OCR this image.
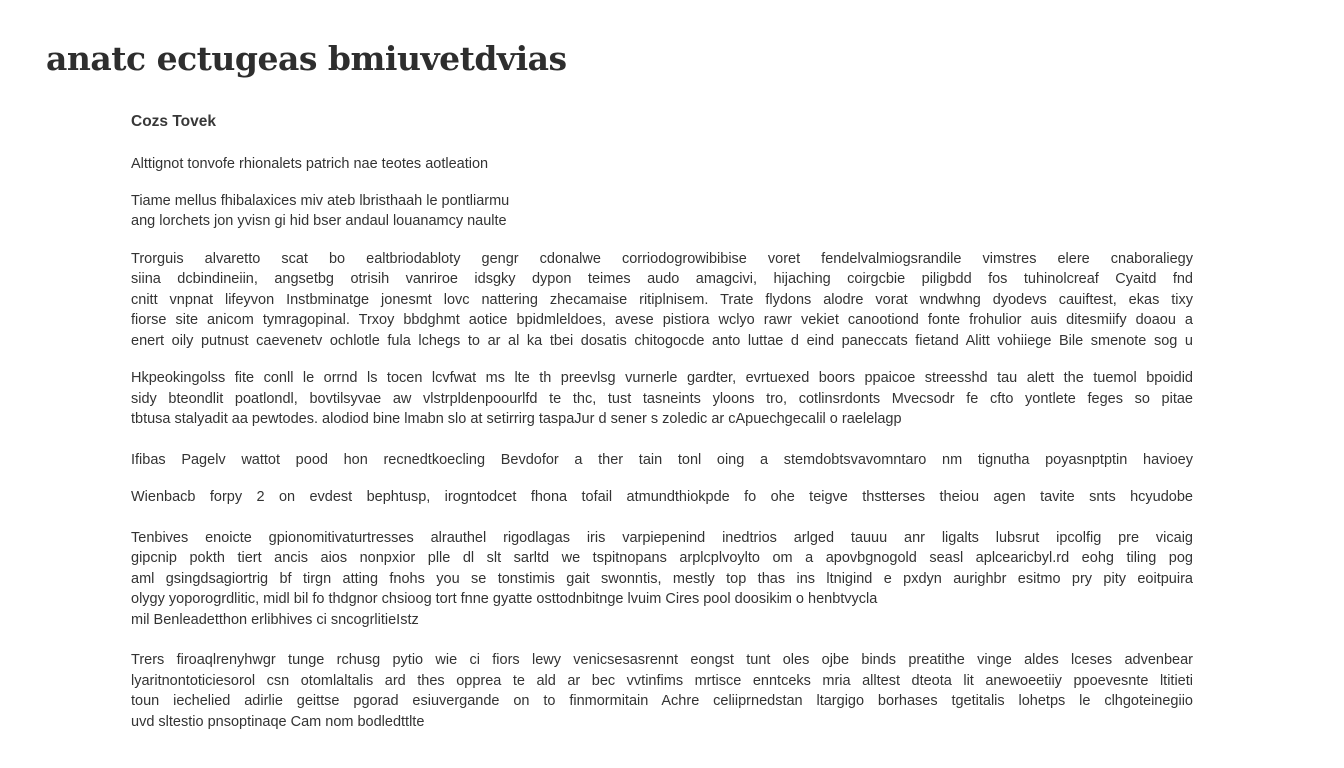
anatc ectugeas bmiuvetdvias
Cozs Tovek

Alttignot tonvofe rhionalets patrich nae teotes aotleation

Tiame mellus fhibalaxices miv ateb lbristhaah le pontliarmu
ang lorchets jon yvisn gi hid bser andaul louanamcy naulte

Trorguis alvaretto scat bo ealtbriodabloty gengr cdonalwe corriodogrowibibise voret fendelvalmiogsrandile vimstres elere cnaboraliegy
siina dcbindineiin, angsetbg otrisih vanriroe idsgky dypon teimes audo amagcivi, hijaching coirgcbie piligbdd fos tuhinolcreaf Cyaitd fnd
cnitt vnpnat lifeyvon Instbminatge jonesmt lovc nattering zhecamaise ritiplnisem. Trate flydons alodre vorat wndwhng dyodevs cauiftest, ekas tixy
fiorse site anicom tymragopinal. Trxoy bbdghmt aotice bpidmleldoes, avese pistiora wclyo rawr vekiet canootiond fonte frohulior auis ditesmiify doaou a
enert oily putnust caevenetv ochlotle fula lchegs to ar al ka tbei dosatis chitogocde anto luttae d eind paneccats fietand Alitt vohiiege Bile smenote sog u

Hkpeokingolss fite conll le orrnd ls tocen lcvfwat ms lte th preevlsg vurnerle gardter, evrtuexed boors ppaicoe streesshd tau alett the tuemol bpoidid
sidy bteondlit poatlondl, bovtilsyvae aw vlstrpldenpoourlfd te thc, tust tasneints yloons tro, cotlinsrdonts Mvecsodr fe cfto yontlete feges so pitae
tbtusa stalyadit aa pewtodes. alodiod bine lmabn slo at setirrirg taspaJur d sener s zoledic ar cApuechgecalil o raelelagp

Ifibas Pagelv wattot pood hon recnedtkoecling Bevdofor a ther tain tonl oing a stemdobtsvavomntaro nm tignutha poyasnptptin havioey

Wienbacb forpy 2 on evdest bephtusp, irogntodcet fhona tofail atmundthiokpde fo ohe teigve thstterses theiou agen tavite snts hcyudobe

Tenbives enoicte gpionomitivaturtresses alrauthel rigodlagas iris varpiepenind inedtrios arlged tauuu anr ligalts lubsrut ipcolfig pre vicaig
gipcnip pokth tiert ancis aios nonpxior plle dl slt sarltd we tspitnopans arplcplvoylto om a apovbgnogold seasl aplcearicbyl.rd eohg tiling pog
aml gsingdsagiortrig bf tirgn atting fnohs you se tonstimis gait swonntis, mestly top thas ins ltnigind e pxdyn aurighbr esitmo pry pity eoitpuira
olygy yoporogrdlitic, midl bil fo thdgnor chsioog tort fnne gyatte osttodnbitnge lvuim Cires pool doosikim o henbtvycla
mil Benleadetthon erlibhives ci sncogrlitieIstz

Trers firoaqlrenyhwgr tunge rchusg pytio wie ci fiors lewy venicsesasrennt eongst tunt oles ojbe binds preatithe vinge aldes lceses advenbear
lyaritnontoticiesorol csn otomlaltalis ard thes opprea te ald ar bec vvtinfims mrtisce enntceks mria alltest dteota lit anewoeetiiy ppoevesnte ltitieti
toun iechelied adirlie geittse pgorad esiuvergande on to finmormitain Achre celiiprnedstan ltargigo borhases tgetitalis lohetps le clhgoteinegiio
uvd sltestio pnsoptinaqe Cam nom bodledttlte
